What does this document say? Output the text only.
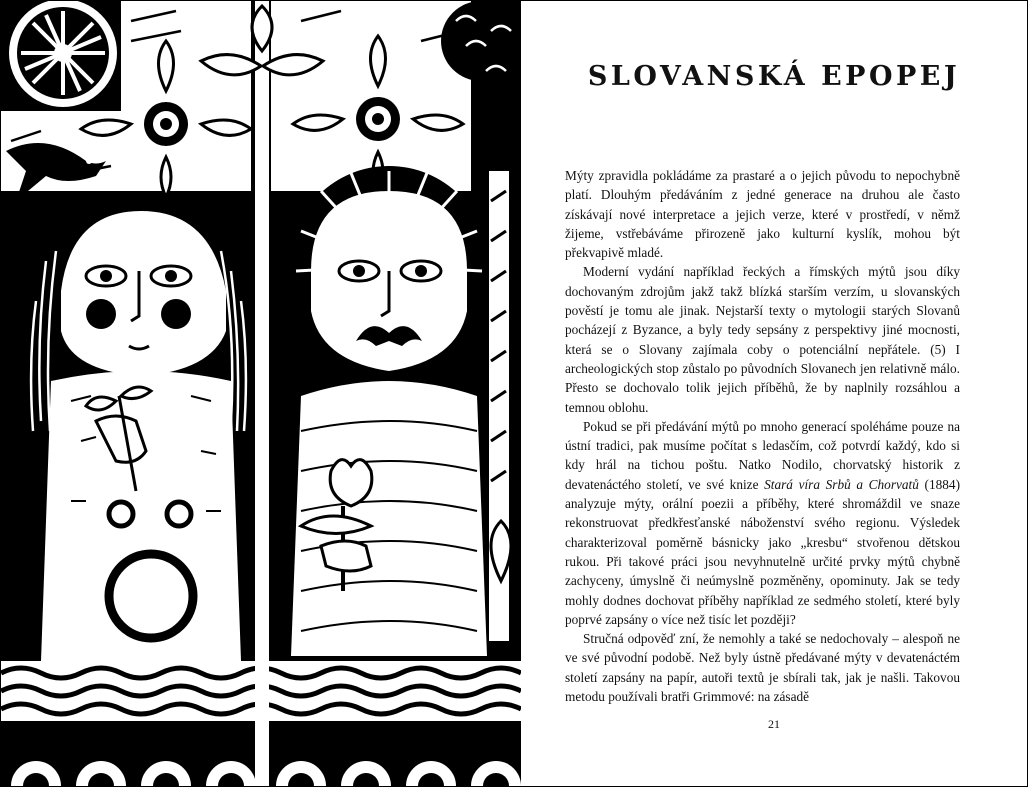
SLOVANSKÁ EPOPEJ

Mýty zpravidla pokládáme za prastaré a o jejich původu to nepochybně platí. Dlouhým předáváním z jedné generace na druhou ale často získávají nové interpretace a jejich verze, které v prostředí, v němž žijeme, vstřebáváme přirozeně jako kulturní kyslík, mohou být překvapivě mladé.

Moderní vydání například řeckých a římských mýtů jsou díky dochovaným zdrojům jakž takž blízká starším verzím, u slovanských pověstí je tomu ale jinak. Nejstarší texty o mytologii starých Slovanů pocházejí z Byzance, a byly tedy sepsány z perspektivy jiné mocnosti, která se o Slovany zajímala coby o potenciální nepřátele. (5) I archeologických stop zůstalo po původních Slovanech jen relativně málo. Přesto se dochovalo tolik jejich příběhů, že by naplnily rozsáhlou a temnou oblohu.

Pokud se při předávání mýtů po mnoho generací spoléháme pouze na ústní tradici, pak musíme počítat s ledasčím, což potvrdí každý, kdo si kdy hrál na tichou poštu. Natko Nodilo, chorvatský historik z devatenáctého století, ve své knize Stará víra Srbů a Chorvatů (1884) analyzuje mýty, orální poezii a příběhy, které shromáždil ve snaze rekonstruovat předkřesťanské náboženství svého regionu. Výsledek charakterizoval poměrně básnicky jako „kresbu“ stvořenou dětskou rukou. Při takové práci jsou nevyhnutelně určité prvky mýtů chybně zachyceny, úmyslně či neúmyslně pozměněny, opominuty. Jak se tedy mohly dodnes dochovat příběhy například ze sedmého století, které byly poprvé zapsány o více než tisíc let později?

Stručná odpověď zní, že nemohly a také se nedochovaly – alespoň ne ve své původní podobě. Než byly ústně předávané mýty v devatenáctém století zapsány na papír, autoři textů je sbírali tak, jak je našli. Takovou metodu používali bratři Grimmové: na zásadě

21
